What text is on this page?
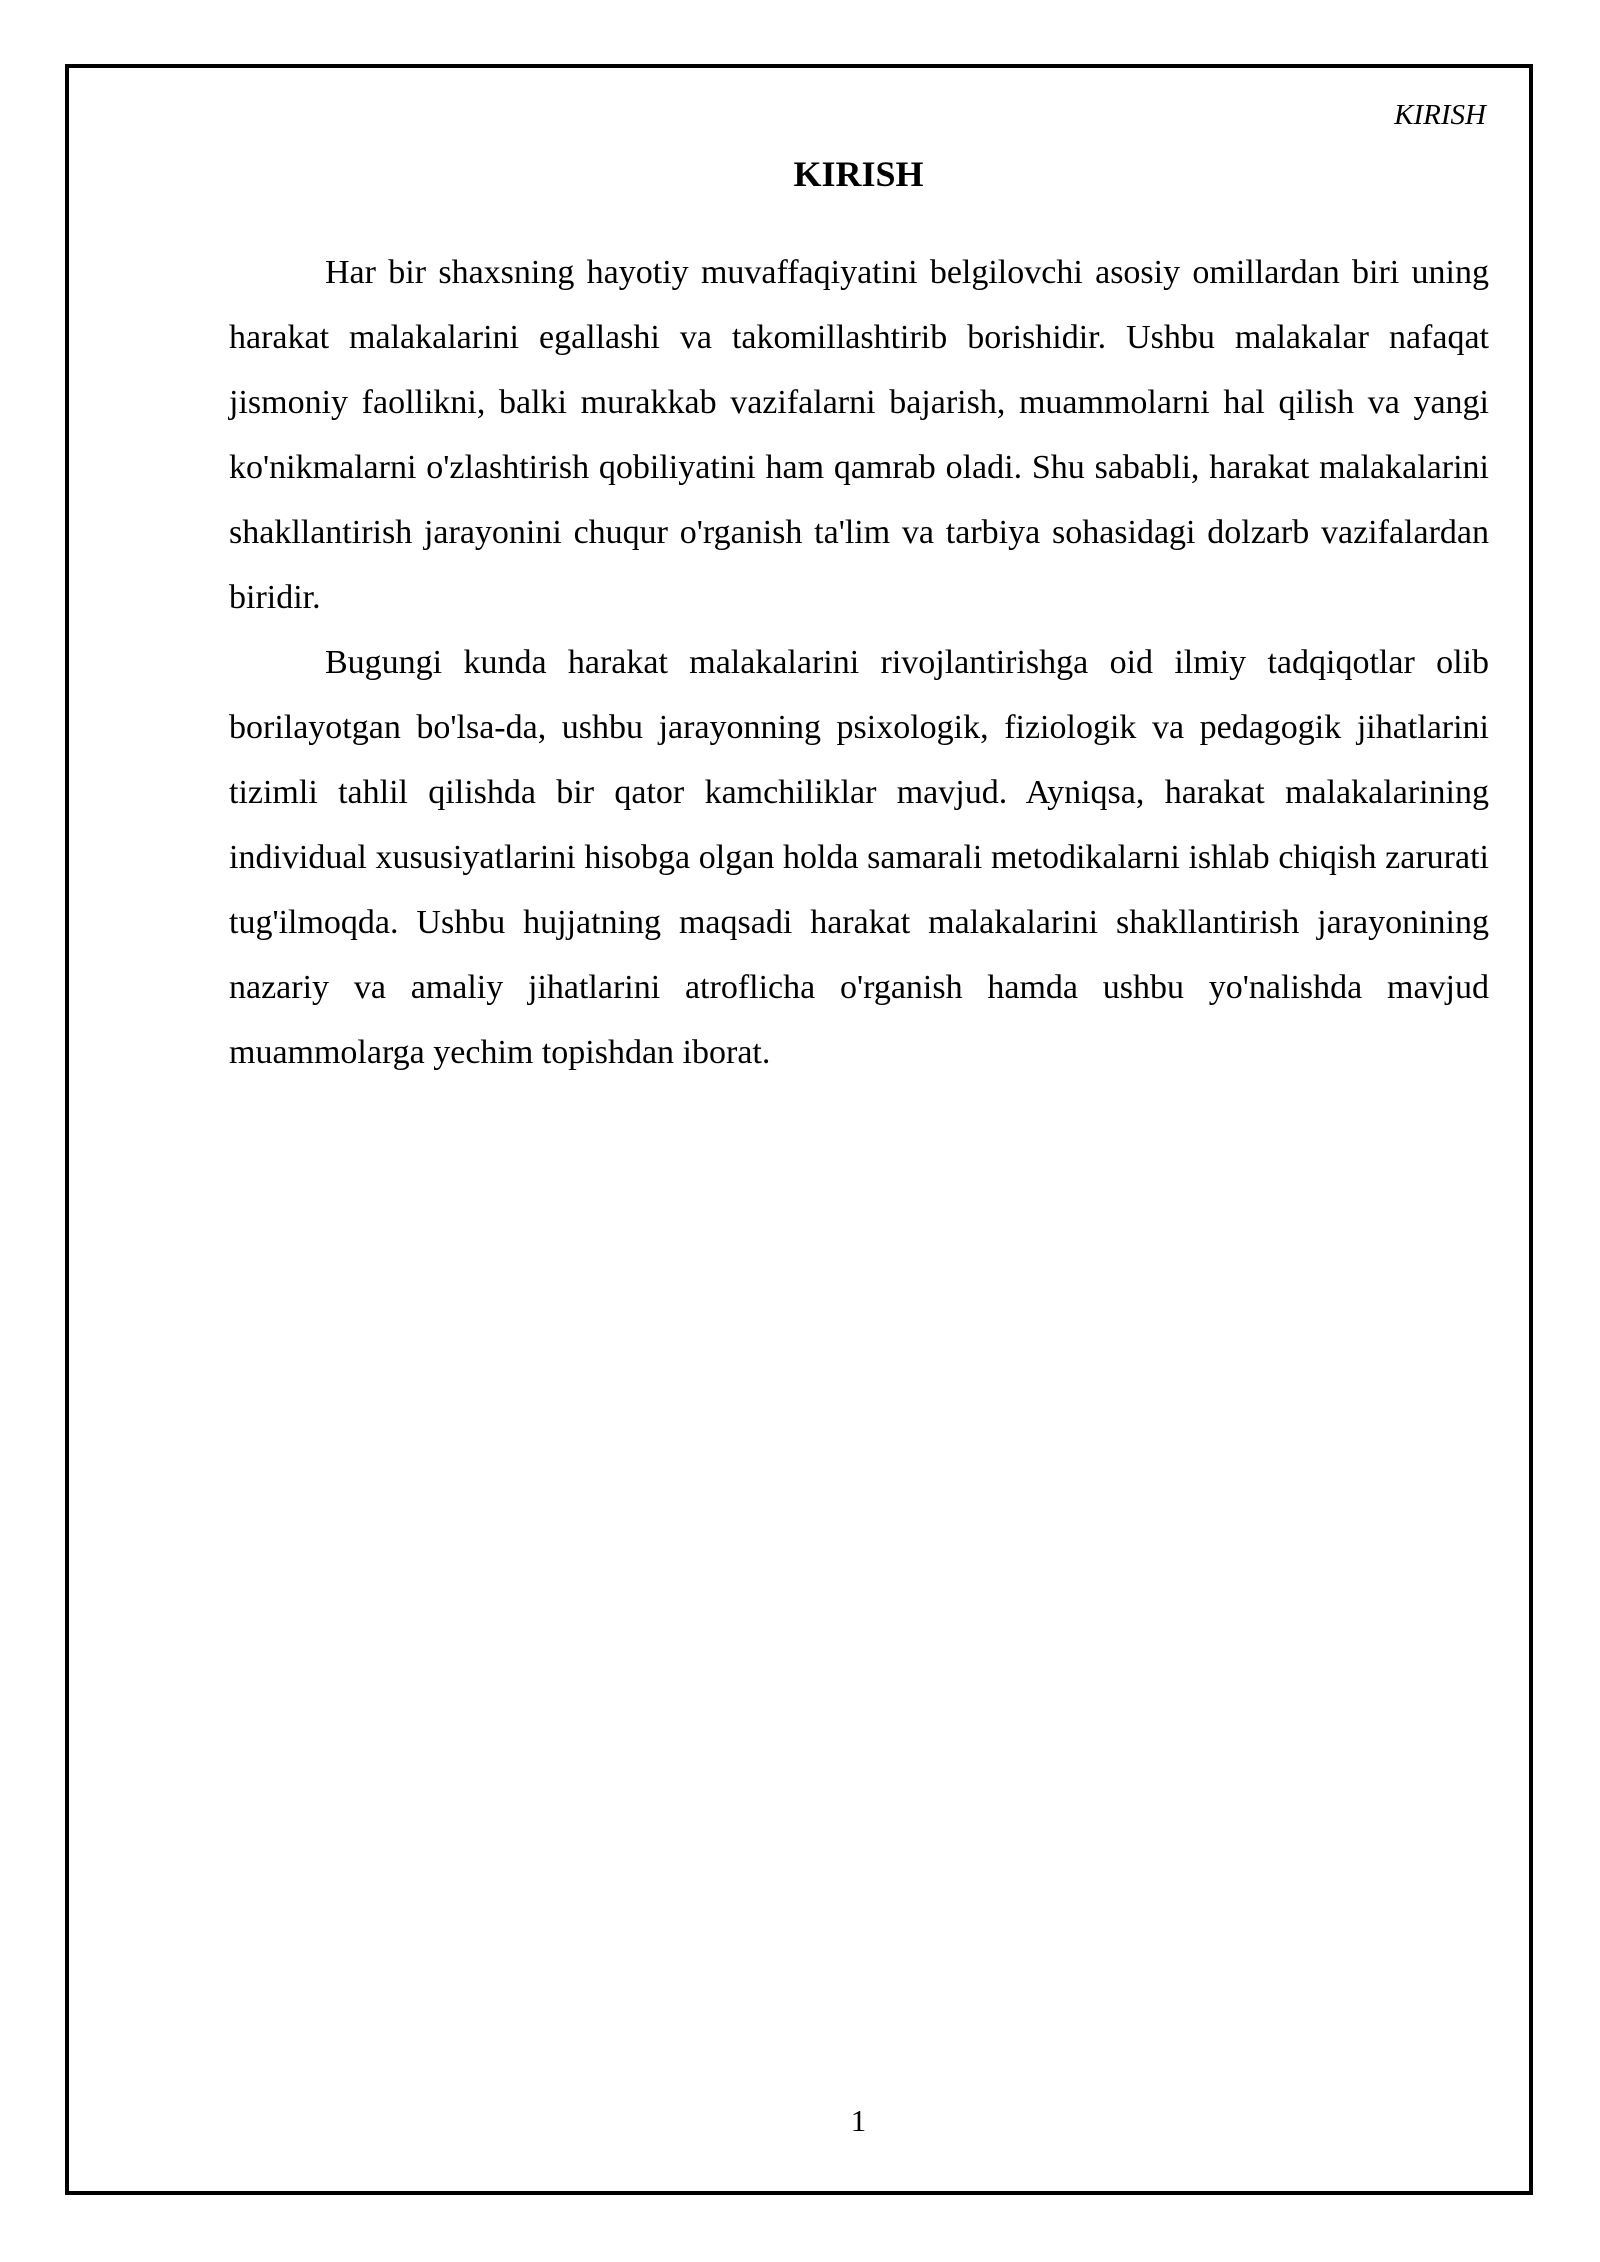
KIRISH
KIRISH

Har bir shaxsning hayotiy muvaffaqiyatini belgilovchi asosiy omillardan biri uning harakat malakalarini egallashi va takomillashtirib borishidir. Ushbu malakalar nafaqat jismoniy faollikni, balki murakkab vazifalarni bajarish, muammolarni hal qilish va yangi ko'nikmalarni o'zlashtirish qobiliyatini ham qamrab oladi. Shu sababli, harakat malakalarini shakllantirish jarayonini chuqur o'rganish ta'lim va tarbiya sohasidagi dolzarb vazifalardan biridir.

Bugungi kunda harakat malakalarini rivojlantirishga oid ilmiy tadqiqotlar olib borilayotgan bo'lsa-da, ushbu jarayonning psixologik, fiziologik va pedagogik jihatlarini tizimli tahlil qilishda bir qator kamchiliklar mavjud. Ayniqsa, harakat malakalarining individual xususiyatlarini hisobga olgan holda samarali metodikalarni ishlab chiqish zarurati tug'ilmoqda. Ushbu hujjatning maqsadi harakat malakalarini shakllantirish jarayonining nazariy va amaliy jihatlarini atroflicha o'rganish hamda ushbu yo'nalishda mavjud muammolarga yechim topishdan iborat.

1
